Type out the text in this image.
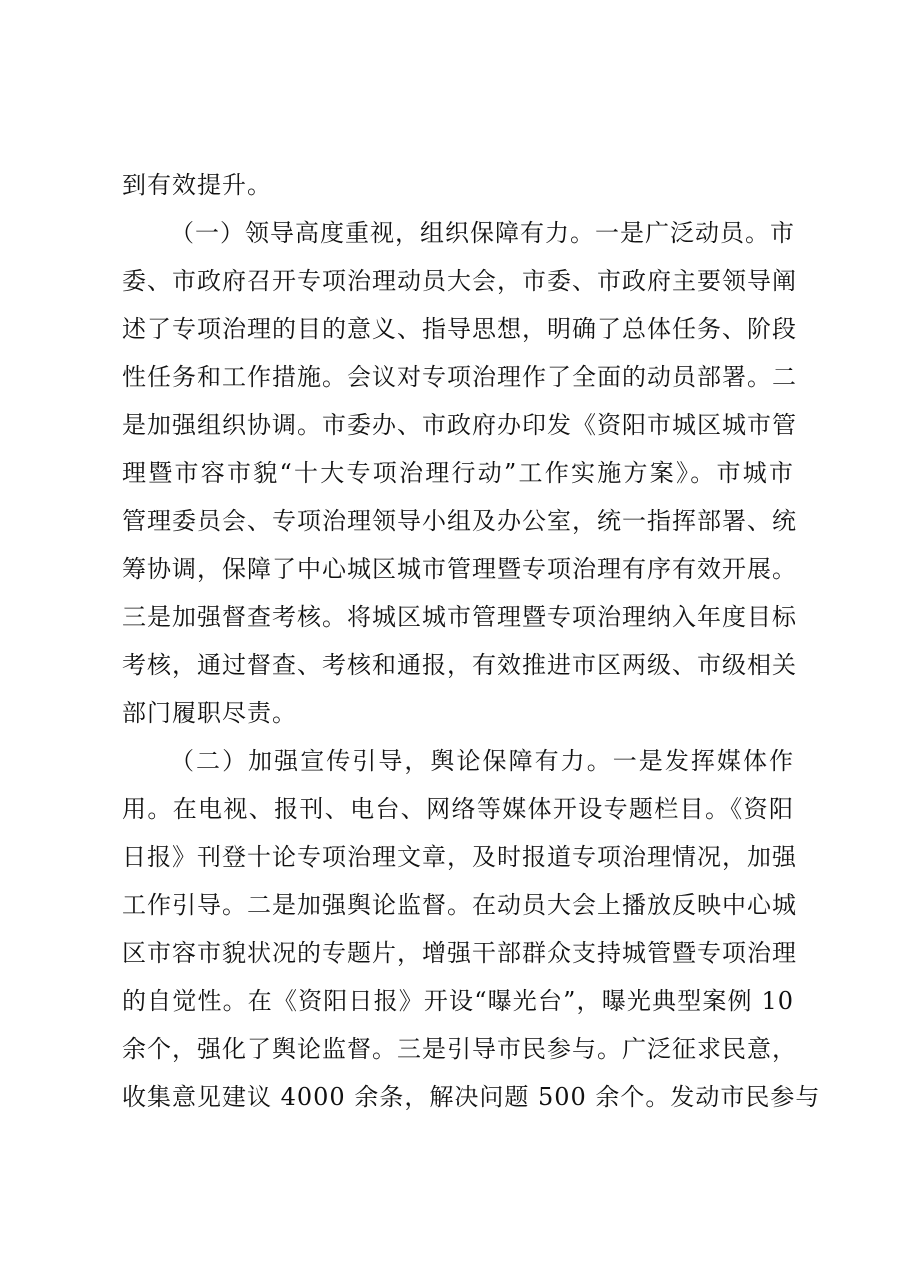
到有效提升。
（一）领导高度重视，组织保障有力。一是广泛动员。市
委、市政府召开专项治理动员大会，市委、市政府主要领导阐
述了专项治理的目的意义、指导思想，明确了总体任务、阶段
性任务和工作措施。会议对专项治理作了全面的动员部署。二
是加强组织协调。市委办、市政府办印发《资阳市城区城市管
理暨市容市貌“十大专项治理行动”工作实施方案》。市城市
管理委员会、专项治理领导小组及办公室，统一指挥部署、统
筹协调，保障了中心城区城市管理暨专项治理有序有效开展。
三是加强督查考核。将城区城市管理暨专项治理纳入年度目标
考核，通过督查、考核和通报，有效推进市区两级、市级相关
部门履职尽责。
（二）加强宣传引导，舆论保障有力。一是发挥媒体作
用。在电视、报刊、电台、网络等媒体开设专题栏目。《资阳
日报》刊登十论专项治理文章，及时报道专项治理情况，加强
工作引导。二是加强舆论监督。在动员大会上播放反映中心城
区市容市貌状况的专题片，增强干部群众支持城管暨专项治理
的自觉性。在《资阳日报》开设“曝光台”，曝光典型案例 10
余个，强化了舆论监督。三是引导市民参与。广泛征求民意，
收集意见建议 4000 余条，解决问题 500 余个。发动市民参与
